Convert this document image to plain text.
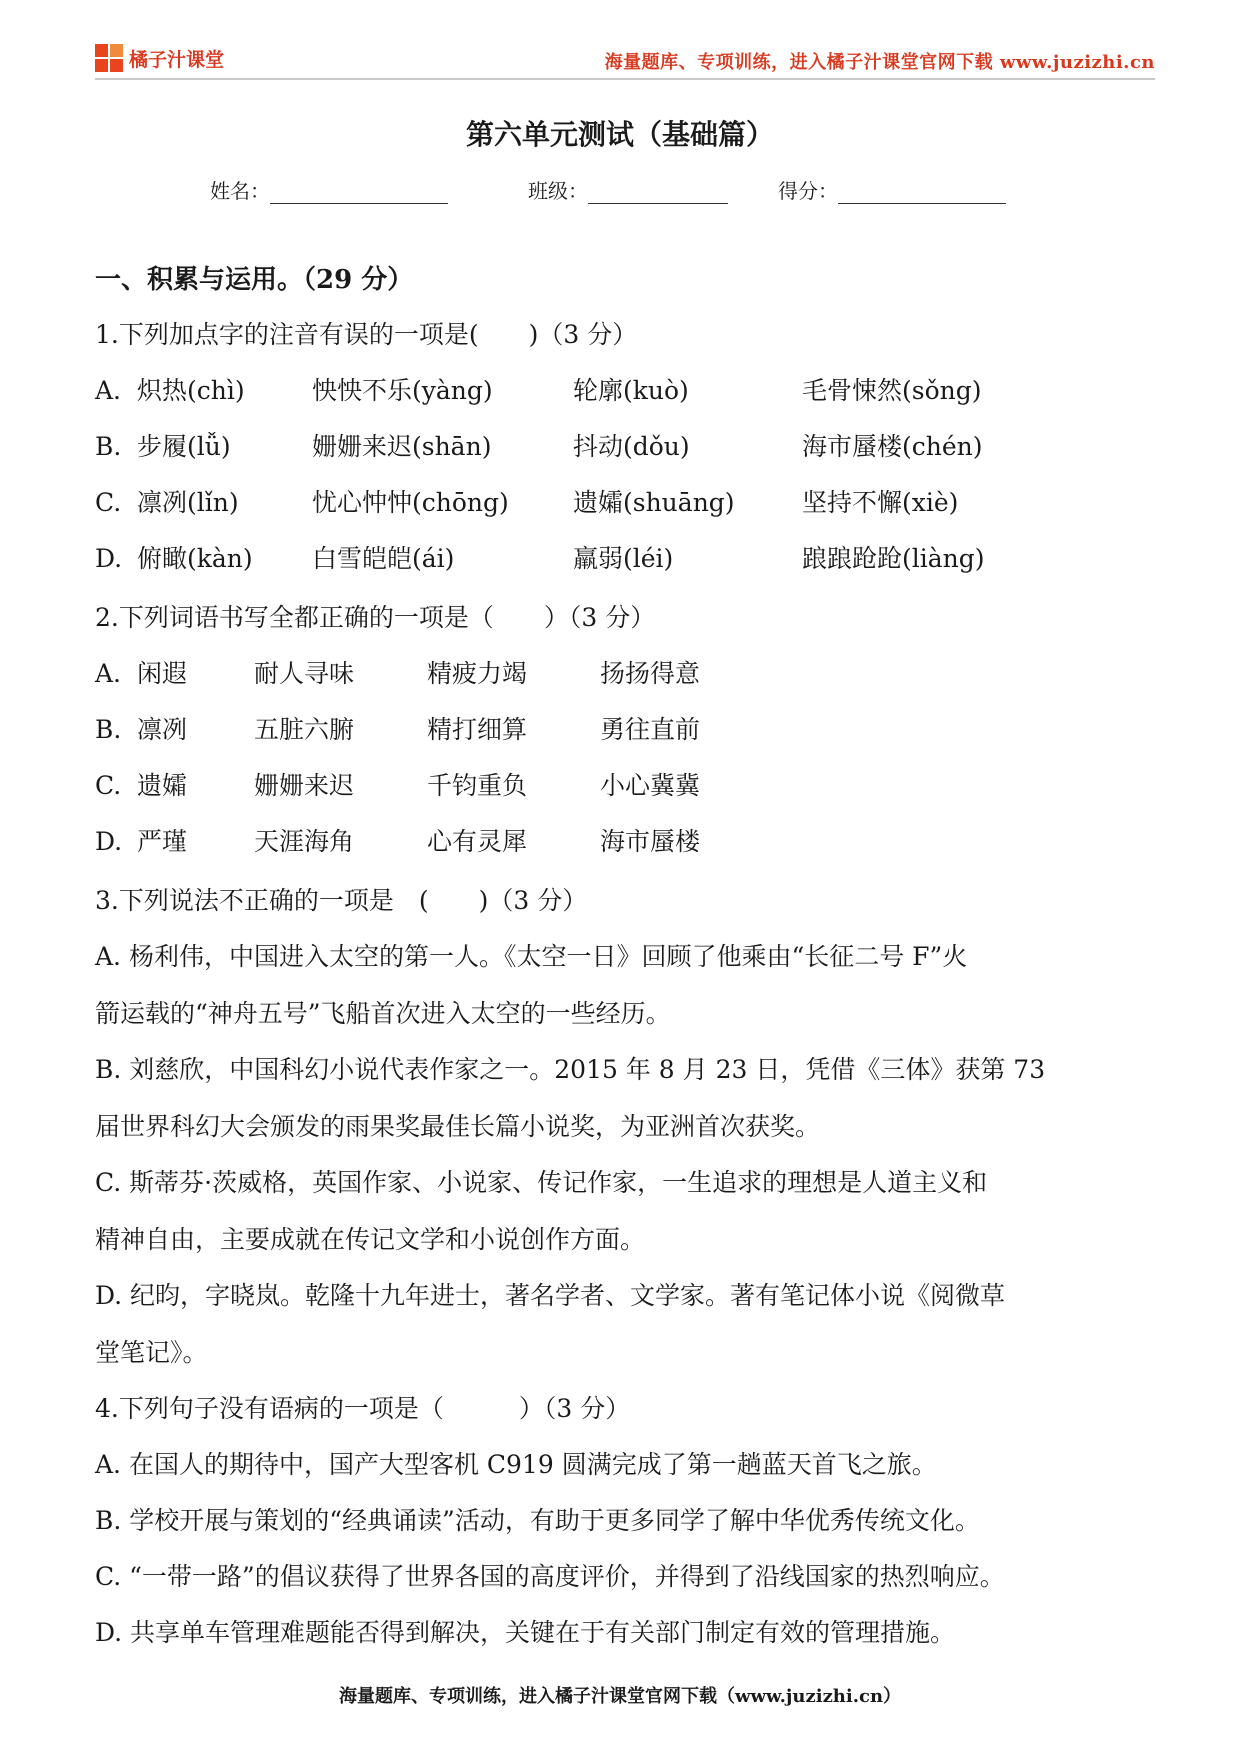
橘子汁课堂	海量题库、专项训练，进入橘子汁课堂官网下载 www.juzizhi.cn
第六单元测试（基础篇）
姓名：	班级：	得分：
一、积累与运用。（29 分）
1.下列加点字的注音有误的一项是(　　)（3 分）
A. 炽热(chì)	怏怏不乐(yàng)	轮廓(kuò)	毛骨悚然(sǒng)
B. 步履(lǚ)	姗姗来迟(shān)	抖动(dǒu)	海市蜃楼(chén)
C. 凛冽(lǐn)	忧心忡忡(chōng)	遗孀(shuāng)	坚持不懈(xiè)
D. 俯瞰(kàn) 白雪皑皑(ái)	羸弱(léi)	踉踉跄跄(liàng)
2.下列词语书写全都正确的一项是（　　）（3 分）
A. 闲遐	耐人寻味	精疲力竭	扬扬得意
B. 凛冽	五脏六腑	精打细算	勇往直前
C. 遗孀	姗姗来迟	千钧重负	小心冀冀
D. 严瑾	天涯海角	心有灵犀	海市蜃楼
3.下列说法不正确的一项是　(　　)（3 分）
A. 杨利伟，中国进入太空的第一人。《太空一日》回顾了他乘由“长征二号 F”火
箭运载的“神舟五号”飞船首次进入太空的一些经历。
B. 刘慈欣，中国科幻小说代表作家之一。2015 年 8 月 23 日，凭借《三体》获第 73
届世界科幻大会颁发的雨果奖最佳长篇小说奖，为亚洲首次获奖。
C. 斯蒂芬·茨威格，英国作家、小说家、传记作家，一生追求的理想是人道主义和
精神自由，主要成就在传记文学和小说创作方面。
D. 纪昀，字晓岚。乾隆十九年进士，著名学者、文学家。著有笔记体小说《阅微草
堂笔记》。
4.下列句子没有语病的一项是（　　　）（3 分）
A. 在国人的期待中，国产大型客机 C919 圆满完成了第一趟蓝天首飞之旅。
B. 学校开展与策划的“经典诵读”活动，有助于更多同学了解中华优秀传统文化。
C. “一带一路”的倡议获得了世界各国的高度评价，并得到了沿线国家的热烈响应。
D. 共享单车管理难题能否得到解决，关键在于有关部门制定有效的管理措施。
海量题库、专项训练，进入橘子汁课堂官网下载（www.juzizhi.cn）
